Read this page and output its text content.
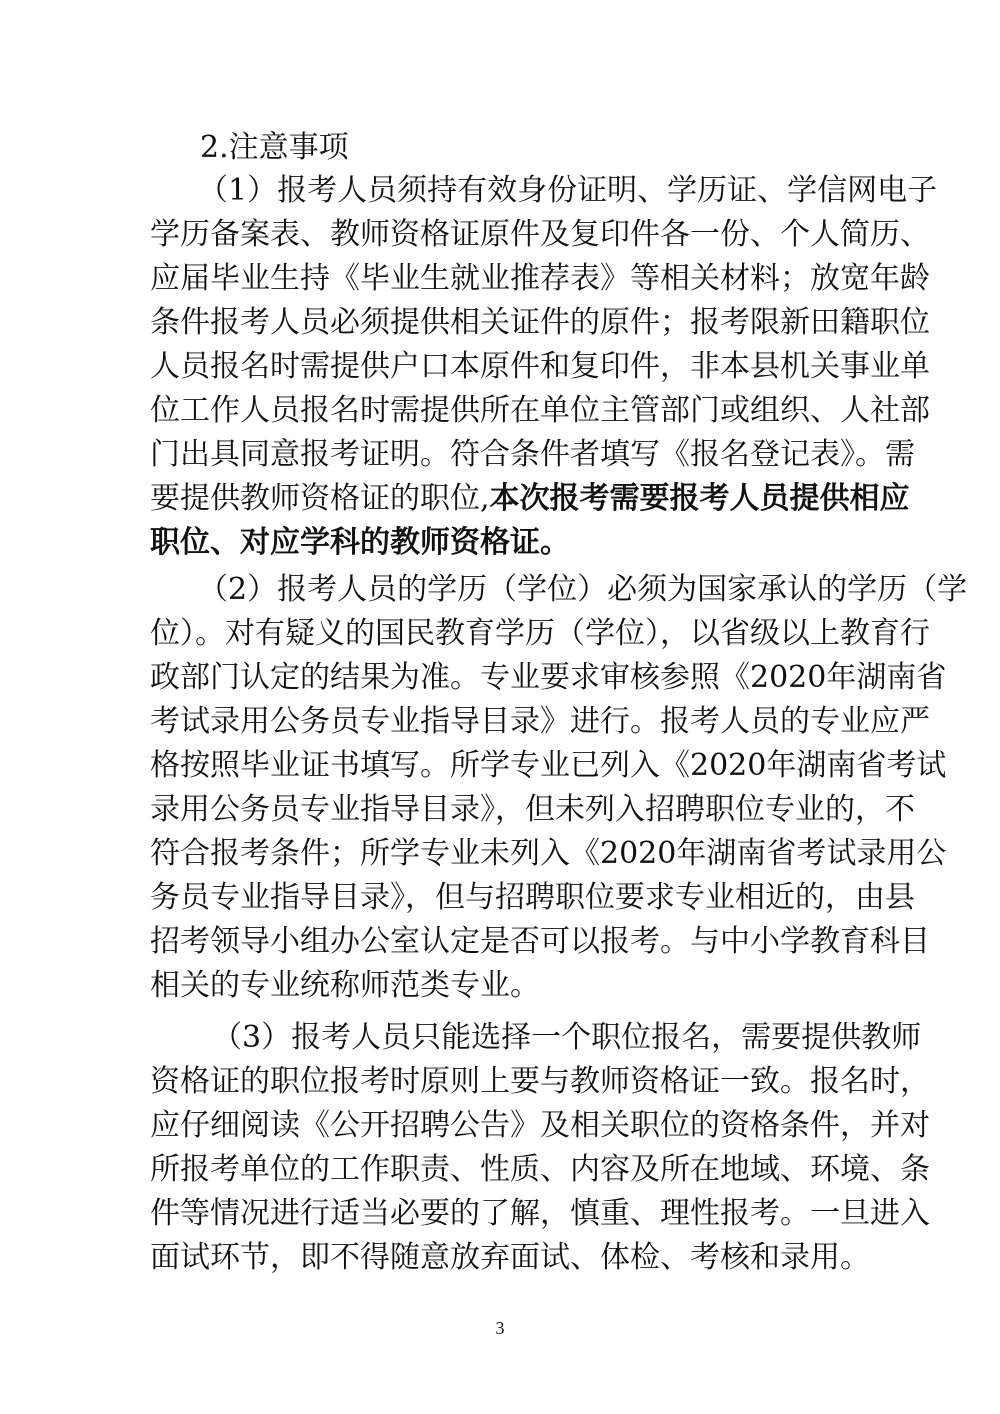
2.注意事项

（1）报考人员须持有效身份证明、学历证、学信网电子

学历备案表、教师资格证原件及复印件各一份、个人简历、

应届毕业生持《毕业生就业推荐表》等相关材料；放宽年龄

条件报考人员必须提供相关证件的原件；报考限新田籍职位

人员报名时需提供户口本原件和复印件，非本县机关事业单

位工作人员报名时需提供所在单位主管部门或组织、人社部

门出具同意报考证明。符合条件者填写《报名登记表》。需

要提供教师资格证的职位,本次报考需要报考人员提供相应

职位、对应学科的教师资格证。

（2）报考人员的学历（学位）必须为国家承认的学历（学

位）。对有疑义的国民教育学历（学位），以省级以上教育行

政部门认定的结果为准。专业要求审核参照《2020年湖南省

考试录用公务员专业指导目录》进行。报考人员的专业应严

格按照毕业证书填写。所学专业已列入《2020年湖南省考试

录用公务员专业指导目录》，但未列入招聘职位专业的，不

符合报考条件；所学专业未列入《2020年湖南省考试录用公

务员专业指导目录》，但与招聘职位要求专业相近的，由县

招考领导小组办公室认定是否可以报考。与中小学教育科目

相关的专业统称师范类专业。

（3）报考人员只能选择一个职位报名，需要提供教师

资格证的职位报考时原则上要与教师资格证一致。报名时，

应仔细阅读《公开招聘公告》及相关职位的资格条件，并对

所报考单位的工作职责、性质、内容及所在地域、环境、条

件等情况进行适当必要的了解，慎重、理性报考。一旦进入

面试环节，即不得随意放弃面试、体检、考核和录用。

3
